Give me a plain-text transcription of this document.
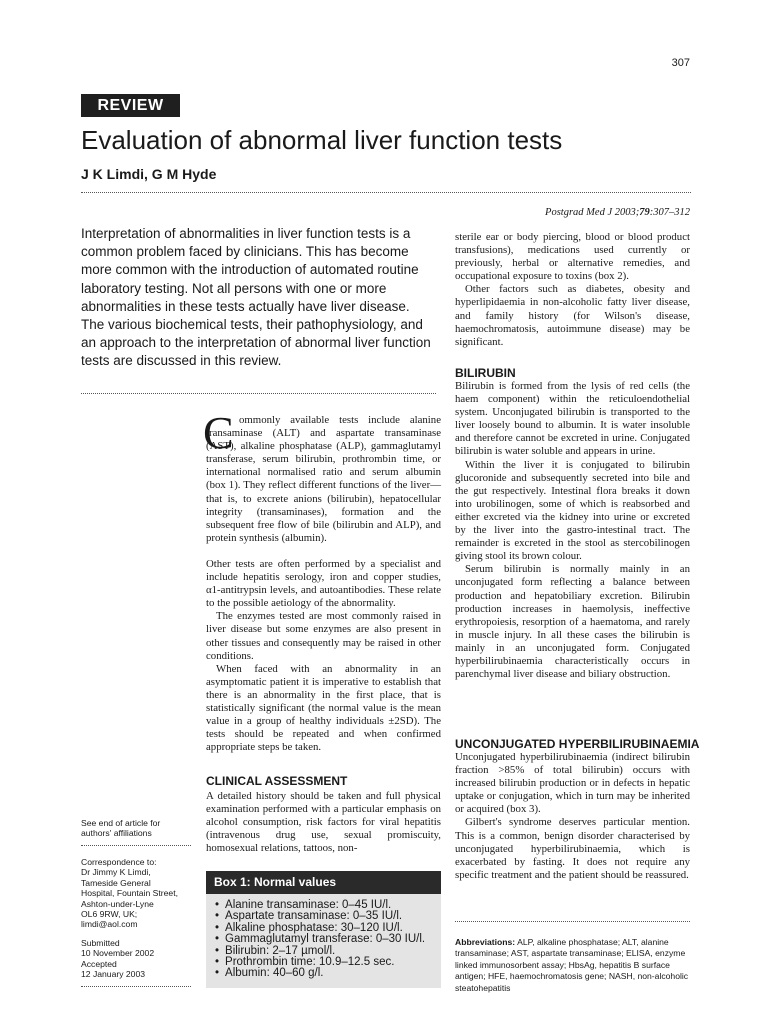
307
REVIEW
Evaluation of abnormal liver function tests
J K Limdi, G M Hyde
Postgrad Med J 2003;79:307–312

Interpretation of abnormalities in liver function tests is a common problem faced by clinicians. This has become more common with the introduction of automated routine laboratory testing. Not all persons with one or more abnormalities in these tests actually have liver disease. The various biochemical tests, their pathophysiology, and an approach to the interpretation of abnormal liver function tests are discussed in this review.

C ommonly available tests include alanine transaminase (ALT) and aspartate transaminase (AST), alkaline phosphatase (ALP), gammaglutamyl transferase, serum bilirubin, prothrombin time, or international normalised ratio and serum albumin (box 1). They reflect different functions of the liver—that is, to excrete anions (bilirubin), hepatocellular integrity (transaminases), formation and the subsequent free flow of bile (bilirubin and ALP), and protein synthesis (albumin).

Other tests are often performed by a specialist and include hepatitis serology, iron and copper studies, α1-antitrypsin levels, and autoantibodies. These relate to the possible aetiology of the abnormality.

The enzymes tested are most commonly raised in liver disease but some enzymes are also present in other tissues and consequently may be raised in other conditions.

When faced with an abnormality in an asymptomatic patient it is imperative to establish that there is an abnormality in the first place, that is statistically significant (the normal value is the mean value in a group of healthy individuals ±2SD). The tests should be repeated and when confirmed appropriate steps be taken.

CLINICAL ASSESSMENT

A detailed history should be taken and full physical examination performed with a particular emphasis on alcohol consumption, risk factors for viral hepatitis (intravenous drug use, sexual promiscuity, homosexual relations, tattoos, non-

Box 1: Normal values
• Alanine transaminase: 0–45 IU/l.
• Aspartate transaminase: 0–35 IU/l.
• Alkaline phosphatase: 30–120 IU/l.
• Gammaglutamyl transferase: 0–30 IU/l.
• Bilirubin: 2–17 µmol/l.
• Prothrombin time: 10.9–12.5 sec.
• Albumin: 40–60 g/l.
See end of article for authors' affiliations
Correspondence to:
Dr Jimmy K Limdi,
Tameside General
Hospital, Fountain Street,
Ashton-under-Lyne
OL6 9RW, UK;
limdi@aol.com
Submitted
10 November 2002
Accepted
12 January 2003

sterile ear or body piercing, blood or blood product transfusions), medications used currently or previously, herbal or alternative remedies, and occupational exposure to toxins (box 2).

Other factors such as diabetes, obesity and hyperlipidaemia in non-alcoholic fatty liver disease, and family history (for Wilson's disease, haemochromatosis, autoimmune disease) may be significant.

BILIRUBIN

Bilirubin is formed from the lysis of red cells (the haem component) within the reticuloendothelial system. Unconjugated bilirubin is transported to the liver loosely bound to albumin. It is water insoluble and therefore cannot be excreted in urine. Conjugated bilirubin is water soluble and appears in urine.

Within the liver it is conjugated to bilirubin glucoronide and subsequently secreted into bile and the gut respectively. Intestinal flora breaks it down into urobilinogen, some of which is reabsorbed and either excreted via the kidney into urine or excreted by the liver into the gastro-intestinal tract. The remainder is excreted in the stool as stercobilinogen giving stool its brown colour.

Serum bilirubin is normally mainly in an unconjugated form reflecting a balance between production and hepatobiliary excretion. Bilirubin production increases in haemolysis, ineffective erythropoiesis, resorption of a haematoma, and rarely in muscle injury. In all these cases the bilirubin is mainly in an unconjugated form. Conjugated hyperbilirubinaemia characteristically occurs in parenchymal liver disease and biliary obstruction.

UNCONJUGATED HYPERBILIRUBINAEMIA

Unconjugated hyperbilirubinaemia (indirect bilirubin fraction >85% of total bilirubin) occurs with increased bilirubin production or in defects in hepatic uptake or conjugation, which in turn may be inherited or acquired (box 3).

Gilbert's syndrome deserves particular mention. This is a common, benign disorder characterised by unconjugated hyperbilirubinaemia, which is exacerbated by fasting. It does not require any specific treatment and the patient should be reassured.

Abbreviations: ALP, alkaline phosphatase; ALT, alanine transaminase; AST, aspartate transaminase; ELISA, enzyme linked immunosorbent assay; HbsAg, hepatitis B surface antigen; HFE, haemochromatosis gene; NASH, non-alcoholic steatohepatitis
